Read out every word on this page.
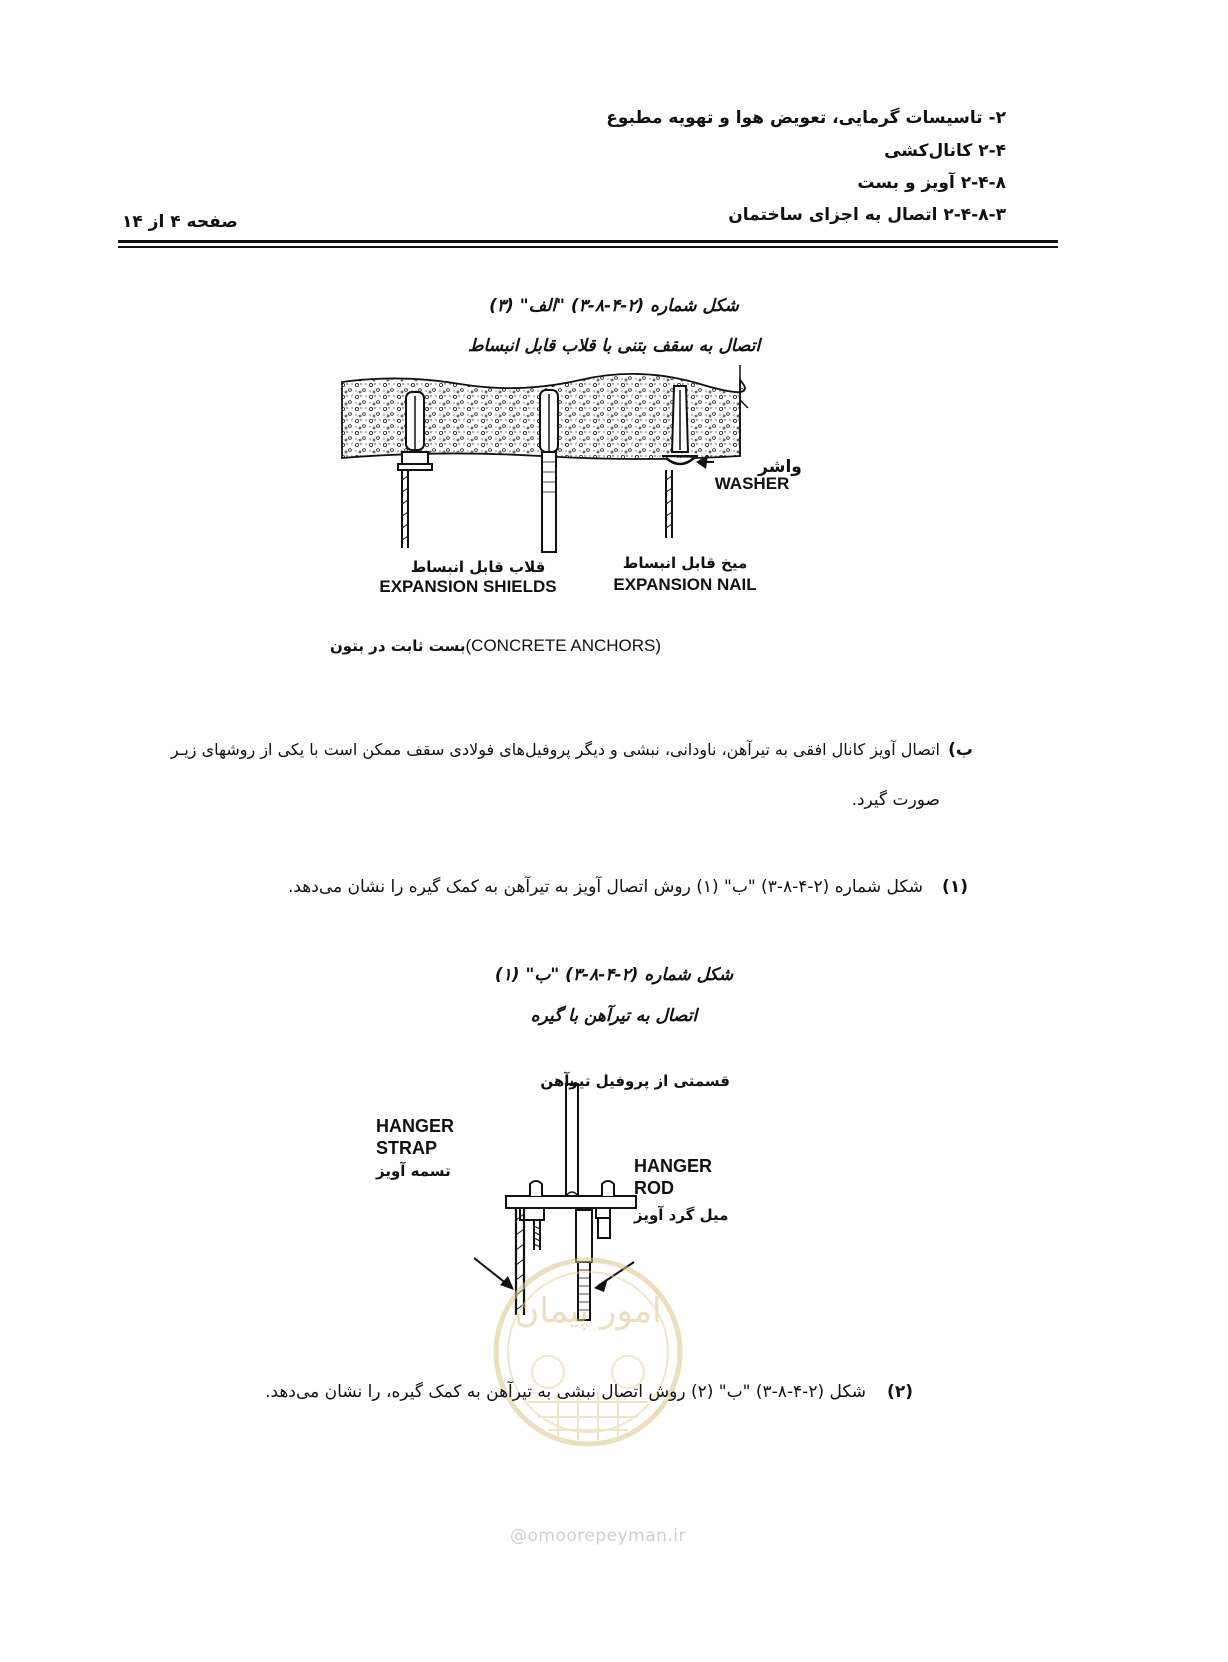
۲- تاسیسات گرمایی، تعویض هوا و تهویه مطبوع
۲-۴ کانال‌کشی
۲-۴-۸ آویز و بست
۲-۴-۸-۳ اتصال به اجزای ساختمان
صفحه ۴ از ۱۴
شکل شماره (۲-۴-۸-۳) "الف" (۳)
اتصال به سقف بتنی با قلاب قابل انبساط
واشر
WASHER
قلاب قابل انبساط
EXPANSION SHIELDS
میخ قابل انبساط
EXPANSION NAIL
بست ثابت در بتون(CONCRETE ANCHORS)
ب)
اتصال آویز کانال افقی به تیرآهن، ناودانی، نبشی و دیگر پروفیل‌های فولادی سقف ممکن است با یکی از روشهای زیـر
صورت گیرد.
(۱)
شکل شماره (۲-۴-۸-۳) "ب" (۱) روش اتصال آویز به تیرآهن به کمک گیره را نشان می‌دهد.
شکل شماره (۲-۴-۸-۳) "ب" (۱)
اتصال به تیرآهن با گیره
قسمتی از پروفیل تیرآهن
HANGER
STRAP
تسمه آویز	HANGER
ROD
میل گرد آویز
امور پیمان
(۲)
شکل (۲-۴-۸-۳) "ب" (۲) روش اتصال نبشی به تیرآهن به کمک گیره، را نشان می‌دهد.
@omoorepeyman.ir
